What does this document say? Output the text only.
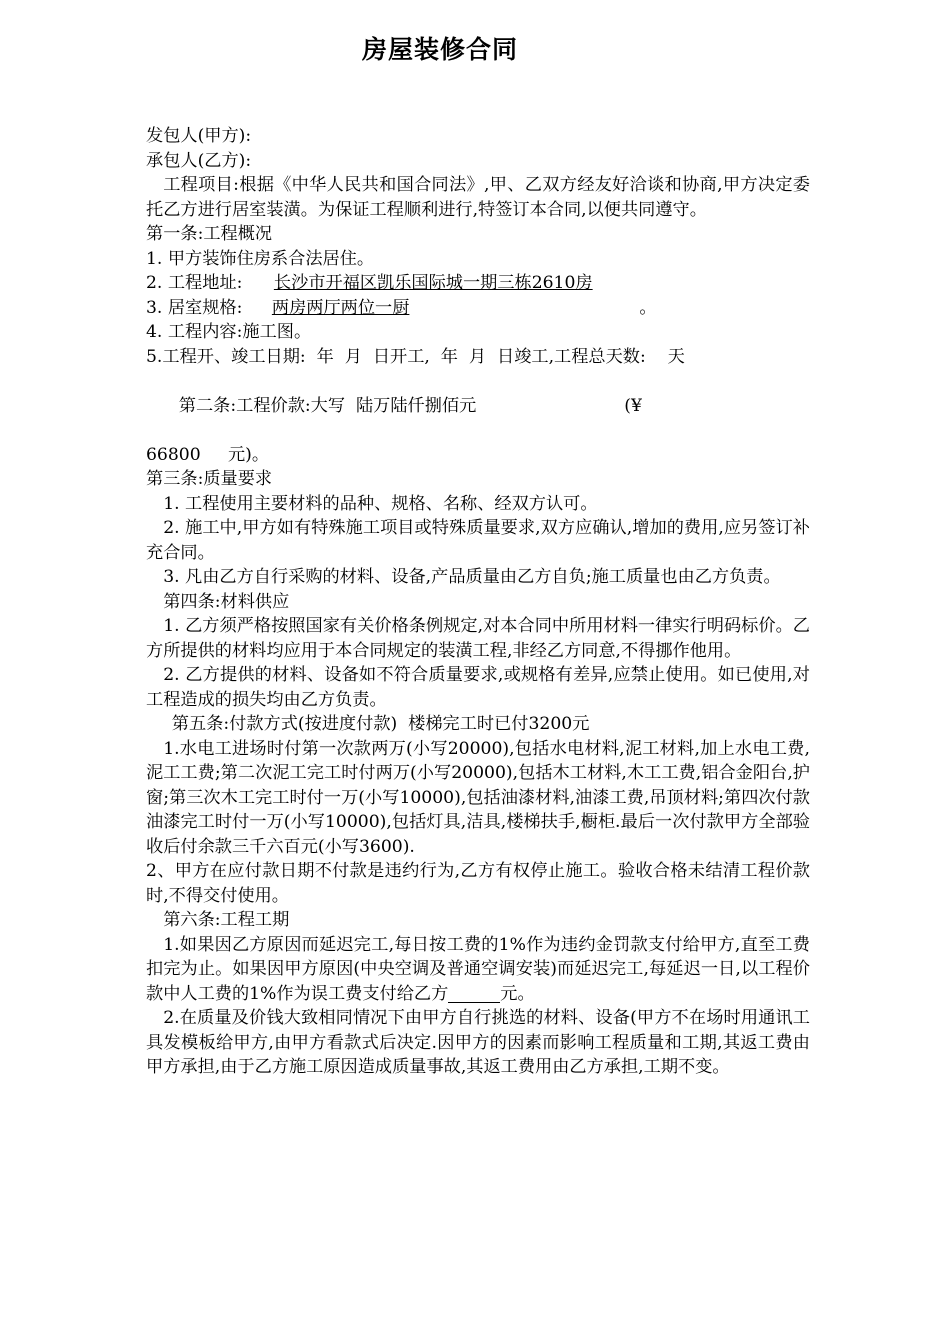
房屋装修合同

发包人(甲方):

承包人(乙方):

工程项目:根据《中华人民共和国合同法》,甲、乙双方经友好洽谈和协商,甲方决定委托乙方进行居室装潢。为保证工程顺利进行,特签订本合同,以便共同遵守。

第一条:工程概况

1. 甲方装饰住房系合法居住。

2. 工程地址: 长沙市开福区凯乐国际城一期三栋2610房

3. 居室规格: 两房两厅两位一厨	。

4. 工程内容:施工图。

5.工程开、竣工日期:  年  月  日开工,  年  月  日竣工,工程总天数:    天

第二条:工程价款:大写  陆万陆仟捌佰元	(¥

66800     元)。

第三条:质量要求

1. 工程使用主要材料的品种、规格、名称、经双方认可。

2. 施工中,甲方如有特殊施工项目或特殊质量要求,双方应确认,增加的费用,应另签订补充合同。

3. 凡由乙方自行采购的材料、设备,产品质量由乙方自负;施工质量也由乙方负责。

第四条:材料供应

1. 乙方须严格按照国家有关价格条例规定,对本合同中所用材料一律实行明码标价。乙方所提供的材料均应用于本合同规定的装潢工程,非经乙方同意,不得挪作他用。

2. 乙方提供的材料、设备如不符合质量要求,或规格有差异,应禁止使用。如已使用,对工程造成的损失均由乙方负责。

第五条:付款方式(按进度付款)  楼梯完工时已付3200元

1.水电工进场时付第一次款两万(小写20000),包括水电材料,泥工材料,加上水电工费,泥工工费;第二次泥工完工时付两万(小写20000),包括木工材料,木工工费,铝合金阳台,护窗;第三次木工完工时付一万(小写10000),包括油漆材料,油漆工费,吊顶材料;第四次付款油漆完工时付一万(小写10000),包括灯具,洁具,楼梯扶手,橱柜.最后一次付款甲方全部验收后付余款三千六百元(小写3600).

2、甲方在应付款日期不付款是违约行为,乙方有权停止施工。验收合格未结清工程价款时,不得交付使用。

第六条:工程工期

1.如果因乙方原因而延迟完工,每日按工费的1%作为违约金罚款支付给甲方,直至工费扣完为止。如果因甲方原因(中央空调及普通空调安装)而延迟完工,每延迟一日,以工程价款中人工费的1%作为误工费支付给乙方	元。

2.在质量及价钱大致相同情况下由甲方自行挑选的材料、设备(甲方不在场时用通讯工具发模板给甲方,由甲方看款式后决定.因甲方的因素而影响工程质量和工期,其返工费由甲方承担,由于乙方施工原因造成质量事故,其返工费用由乙方承担,工期不变。
